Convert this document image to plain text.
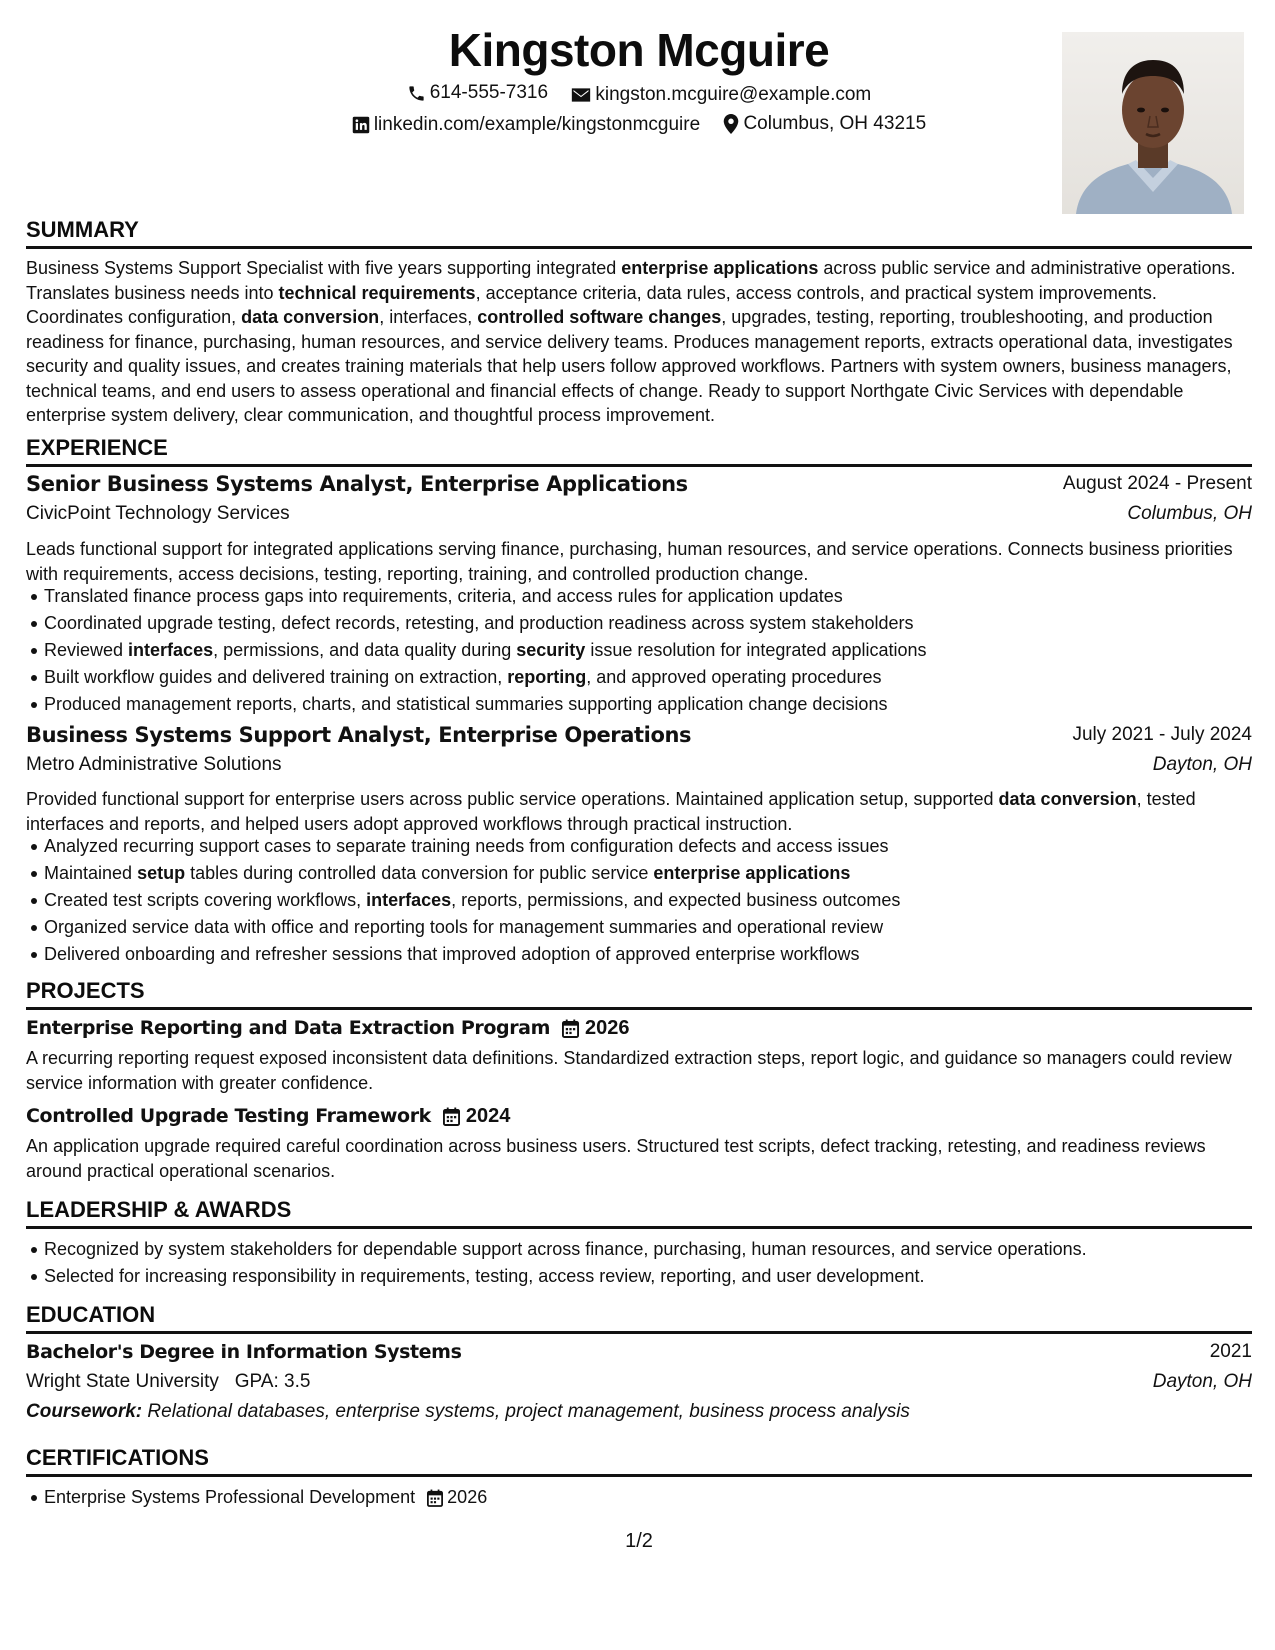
Kingston Mcguire
614-555-7316
kingston.mcguire@example.com
linkedin.com/example/kingstonmcguire
Columbus, OH 43215
SUMMARY
Business Systems Support Specialist with five years supporting integrated enterprise applications across public service and administrative operations. Translates business needs into technical requirements, acceptance criteria, data rules, access controls, and practical system improvements. Coordinates configuration, data conversion, interfaces, controlled software changes, upgrades, testing, reporting, troubleshooting, and production readiness for finance, purchasing, human resources, and service delivery teams. Produces management reports, extracts operational data, investigates security and quality issues, and creates training materials that help users follow approved workflows. Partners with system owners, business managers, technical teams, and end users to assess operational and financial effects of change. Ready to support Northgate Civic Services with dependable enterprise system delivery, clear communication, and thoughtful process improvement.
EXPERIENCE
Senior Business Systems Analyst, Enterprise Applications	August 2024 - Present
CivicPoint Technology Services	Columbus, OH
Leads functional support for integrated applications serving finance, purchasing, human resources, and service operations. Connects business priorities with requirements, access decisions, testing, reporting, training, and controlled production change.
Translated finance process gaps into requirements, criteria, and access rules for application updates
Coordinated upgrade testing, defect records, retesting, and production readiness across system stakeholders
Reviewed interfaces, permissions, and data quality during security issue resolution for integrated applications
Built workflow guides and delivered training on extraction, reporting, and approved operating procedures
Produced management reports, charts, and statistical summaries supporting application change decisions
Business Systems Support Analyst, Enterprise Operations	July 2021 - July 2024
Metro Administrative Solutions	Dayton, OH
Provided functional support for enterprise users across public service operations. Maintained application setup, supported data conversion, tested interfaces and reports, and helped users adopt approved workflows through practical instruction.
Analyzed recurring support cases to separate training needs from configuration defects and access issues
Maintained setup tables during controlled data conversion for public service enterprise applications
Created test scripts covering workflows, interfaces, reports, permissions, and expected business outcomes
Organized service data with office and reporting tools for management summaries and operational review
Delivered onboarding and refresher sessions that improved adoption of approved enterprise workflows
PROJECTS
Enterprise Reporting and Data Extraction Program 2026
A recurring reporting request exposed inconsistent data definitions. Standardized extraction steps, report logic, and guidance so managers could review service information with greater confidence.
Controlled Upgrade Testing Framework 2024
An application upgrade required careful coordination across business users. Structured test scripts, defect tracking, retesting, and readiness reviews around practical operational scenarios.
LEADERSHIP & AWARDS
Recognized by system stakeholders for dependable support across finance, purchasing, human resources, and service operations.
Selected for increasing responsibility in requirements, testing, access review, reporting, and user development.
EDUCATION
Bachelor's Degree in Information Systems	2021
Wright State University GPA: 3.5	Dayton, OH
Coursework: Relational databases, enterprise systems, project management, business process analysis
CERTIFICATIONS
Enterprise Systems Professional Development 2026
1/2
